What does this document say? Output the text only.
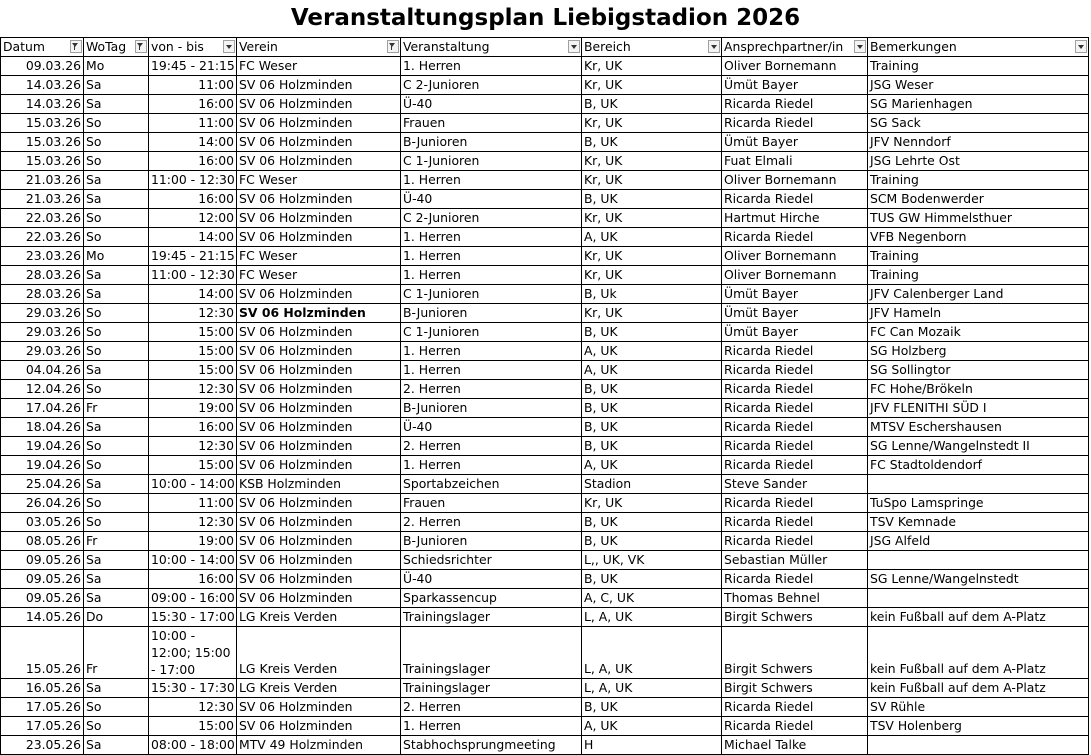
Veranstaltungsplan Liebigstadion 2026
Datum	WoTag	von - bis	Verein	Veranstaltung	Bereich	Ansprechpartner/in	Bemerkungen

09.03.26	Mo	19:45 - 21:15	FC Weser	1. Herren	Kr, UK	Oliver Bornemann	Training
14.03.26	Sa	11:00	SV 06 Holzminden	C 2-Junioren	Kr, UK	Ümüt Bayer	JSG Weser
14.03.26	Sa	16:00	SV 06 Holzminden	Ü-40	B, UK	Ricarda Riedel	SG Marienhagen
15.03.26	So	11:00	SV 06 Holzminden	Frauen	Kr, UK	Ricarda Riedel	SG Sack
15.03.26	So	14:00	SV 06 Holzminden	B-Junioren	B, UK	Ümüt Bayer	JFV Nenndorf
15.03.26	So	16:00	SV 06 Holzminden	C 1-Junioren	Kr, UK	Fuat Elmali	JSG Lehrte Ost
21.03.26	Sa	11:00 - 12:30	FC Weser	1. Herren	Kr, UK	Oliver Bornemann	Training
21.03.26	Sa	16:00	SV 06 Holzminden	Ü-40	B, UK	Ricarda Riedel	SCM Bodenwerder
22.03.26	So	12:00	SV 06 Holzminden	C 2-Junioren	Kr, UK	Hartmut Hirche	TUS GW Himmelsthuer
22.03.26	So	14:00	SV 06 Holzminden	1. Herren	A, UK	Ricarda Riedel	VFB Negenborn
23.03.26	Mo	19:45 - 21:15	FC Weser	1. Herren	Kr, UK	Oliver Bornemann	Training
28.03.26	Sa	11:00 - 12:30	FC Weser	1. Herren	Kr, UK	Oliver Bornemann	Training
28.03.26	Sa	14:00	SV 06 Holzminden	C 1-Junioren	B, Uk	Ümüt Bayer	JFV Calenberger Land
29.03.26	So	12:30	SV 06 Holzminden	B-Junioren	Kr, UK	Ümüt Bayer	JFV Hameln
29.03.26	So	15:00	SV 06 Holzminden	C 1-Junioren	B, UK	Ümüt Bayer	FC Can Mozaik
29.03.26	So	15:00	SV 06 Holzminden	1. Herren	A, UK	Ricarda Riedel	SG Holzberg
04.04.26	Sa	15:00	SV 06 Holzminden	1. Herren	A, UK	Ricarda Riedel	SG Sollingtor
12.04.26	So	12:30	SV 06 Holzminden	2. Herren	B, UK	Ricarda Riedel	FC Hohe/Brökeln
17.04.26	Fr	19:00	SV 06 Holzminden	B-Junioren	B, UK	Ricarda Riedel	JFV FLENITHI SÜD I
18.04.26	Sa	16:00	SV 06 Holzminden	Ü-40	B, UK	Ricarda Riedel	MTSV Eschershausen
19.04.26	So	12:30	SV 06 Holzminden	2. Herren	B, UK	Ricarda Riedel	SG Lenne/Wangelnstedt II
19.04.26	So	15:00	SV 06 Holzminden	1. Herren	A, UK	Ricarda Riedel	FC Stadtoldendorf
25.04.26	Sa	10:00 - 14:00	KSB Holzminden	Sportabzeichen	Stadion	Steve Sander	
26.04.26	So	11:00	SV 06 Holzminden	Frauen	Kr, UK	Ricarda Riedel	TuSpo Lamspringe
03.05.26	So	12:30	SV 06 Holzminden	2. Herren	B, UK	Ricarda Riedel	TSV Kemnade
08.05.26	Fr	19:00	SV 06 Holzminden	B-Junioren	B, UK	Ricarda Riedel	JSG Alfeld
09.05.26	Sa	10:00 - 14:00	SV 06 Holzminden	Schiedsrichter	L,, UK, VK	Sebastian Müller	
09.05.26	Sa	16:00	SV 06 Holzminden	Ü-40	B, UK	Ricarda Riedel	SG Lenne/Wangelnstedt
09.05.26	Sa	09:00 - 16:00	SV 06 Holzminden	Sparkassencup	A, C, UK	Thomas Behnel	
14.05.26	Do	15:30 - 17:00	LG Kreis Verden	Trainingslager	L, A, UK	Birgit Schwers	kein Fußball auf dem A-Platz
15.05.26	Fr	10:00 - 12:00; 15:00 - 17:00	LG Kreis Verden	Trainingslager	L, A, UK	Birgit Schwers	kein Fußball auf dem A-Platz
16.05.26	Sa	15:30 - 17:30	LG Kreis Verden	Trainingslager	L, A, UK	Birgit Schwers	kein Fußball auf dem A-Platz
17.05.26	So	12:30	SV 06 Holzminden	2. Herren	B, UK	Ricarda Riedel	SV Rühle
17.05.26	So	15:00	SV 06 Holzminden	1. Herren	A, UK	Ricarda Riedel	TSV Holenberg
23.05.26	Sa	08:00 - 18:00	MTV 49 Holzminden	Stabhochsprungmeeting	H	Michael Talke	
